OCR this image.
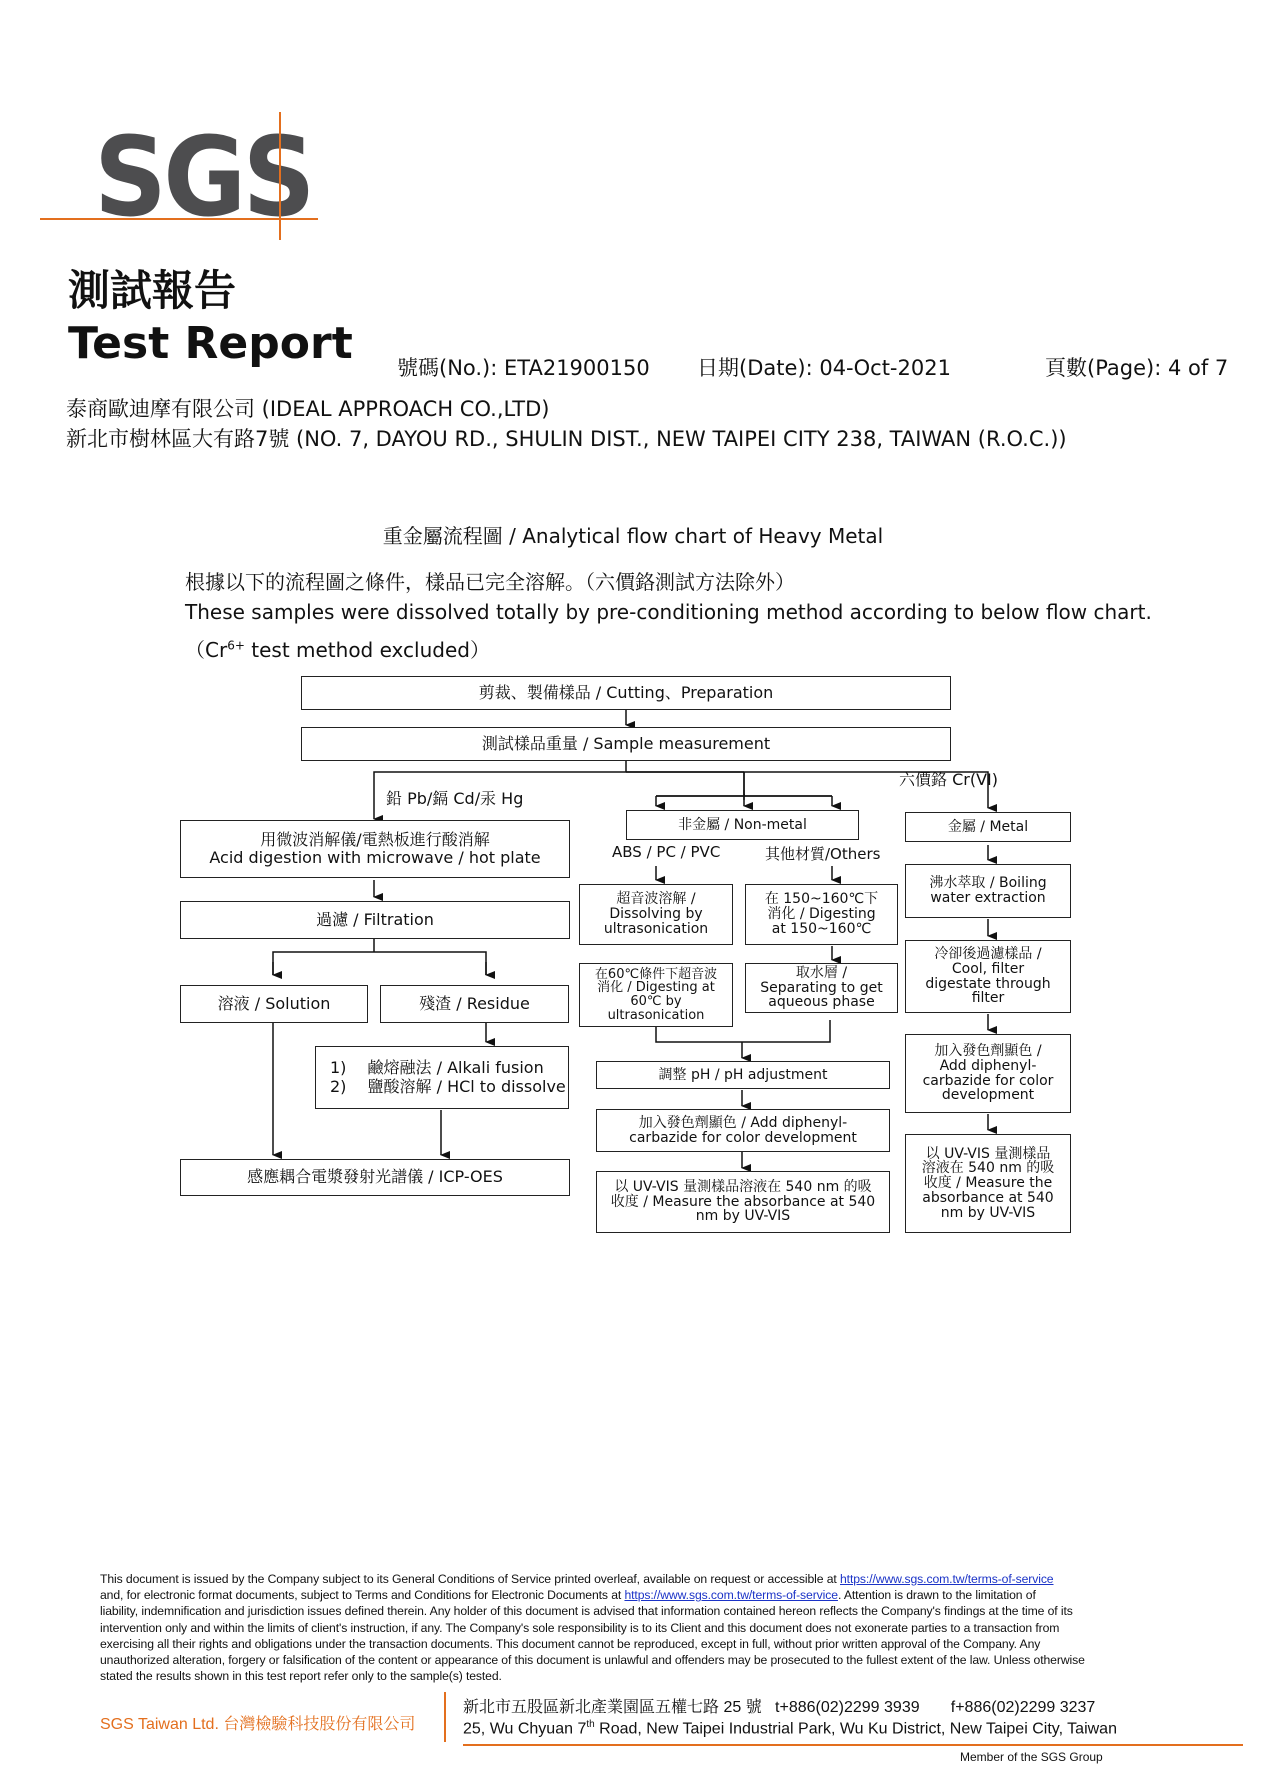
SGS
測試報告
Test Report 號碼(No.): ETA21900150 日期(Date): 04-Oct-2021	頁數(Page): 4 of 7
泰商歐迪摩有限公司 (IDEAL APPROACH CO.,LTD)
新北市樹林區大有路7號 (NO. 7, DAYOU RD., SHULIN DIST., NEW TAIPEI CITY 238, TAIWAN (R.O.C.))
重金屬流程圖 / Analytical flow chart of Heavy Metal
根據以下的流程圖之條件，樣品已完全溶解。（六價鉻測試方法除外）
These samples were dissolved totally by pre-conditioning method according to below flow chart.
（$Cr^{6+}$ test method excluded）
剪裁、製備樣品 / Cutting、Preparation
測試樣品重量 / Sample measurement
鉛 Pb/鎘 Cd/汞 Hg
六價鉻 Cr(VI)
用微波消解儀/電熱板進行酸消解
Acid digestion with microwave / hot plate
過濾 / Filtration
溶液 / Solution	殘渣 / Residue
1)　 鹼熔融法 / Alkali fusion
2)　 鹽酸溶解 / HCl to dissolve
感應耦合電漿發射光譜儀 / ICP-OES
非金屬 / Non-metal
ABS / PC / PVC	其他材質/Others
超音波溶解 /
Dissolving by
ultrasonication
在 150~160℃下
消化 / Digesting
at 150~160℃
在60℃條件下超音波
消化 / Digesting at
60℃ by
ultrasonication
取水層 /
Separating to get
aqueous phase
調整 pH / pH adjustment
加入發色劑顯色 / Add diphenyl-
carbazide for color development
以 UV-VIS 量測樣品溶液在 540 nm 的吸
收度 / Measure the absorbance at 540
nm by UV-VIS
金屬 / Metal
沸水萃取 / Boiling
water extraction
冷卻後過濾樣品 /
Cool, filter
digestate through
filter
加入發色劑顯色 /
Add diphenyl-
carbazide for color
development
以 UV-VIS 量測樣品
溶液在 540 nm 的吸
收度 / Measure the
absorbance at 540
nm by UV-VIS
This document is issued by the Company subject to its General Conditions of Service printed overleaf, available on request or accessible at https://www.sgs.com.tw/terms-of-service
and, for electronic format documents, subject to Terms and Conditions for Electronic Documents at https://www.sgs.com.tw/terms-of-service. Attention is drawn to the limitation of
liability, indemnification and jurisdiction issues defined therein. Any holder of this document is advised that information contained hereon reflects the Company's findings at the time of its
intervention only and within the limits of client's instruction, if any. The Company's sole responsibility is to its Client and this document does not exonerate parties to a transaction from
exercising all their rights and obligations under the transaction documents. This document cannot be reproduced, except in full, without prior written approval of the Company. Any
unauthorized alteration, forgery or falsification of the content or appearance of this document is unlawful and offenders may be prosecuted to the fullest extent of the law. Unless otherwise
stated the results shown in this test report refer only to the sample(s) tested.
SGS Taiwan Ltd. 台灣檢驗科技股份有限公司
新北市五股區新北產業園區五權七路 25 號 t+886(02)2299 3939 f+886(02)2299 3237
25, Wu Chyuan 7th Road, New Taipei Industrial Park, Wu Ku District, New Taipei City, Taiwan
Member of the SGS Group
